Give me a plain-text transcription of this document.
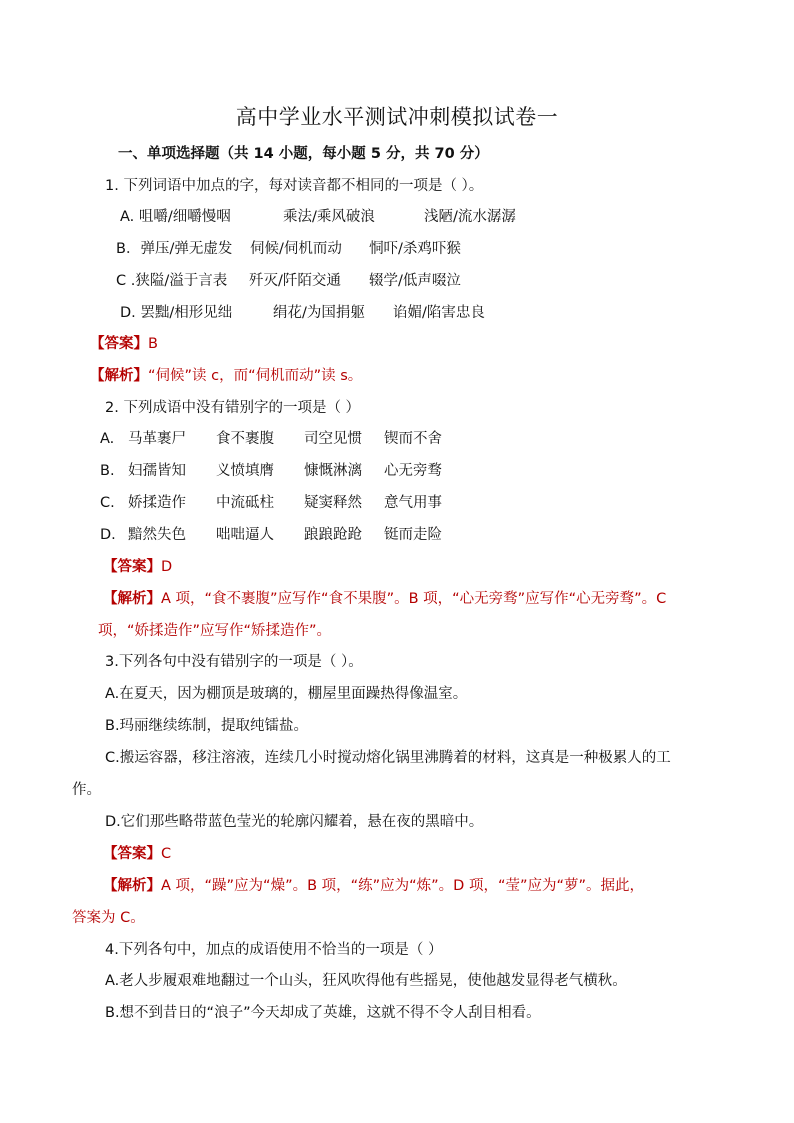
高中学业水平测试冲刺模拟试卷一
一、单项选择题（共 14 小题，每小题 5 分，共 70 分）
1. 下列词语中加点的字，每对读音都不相同的一项是（ ）。
A. 咀嚼/细嚼慢咽	乘法/乘风破浪	浅陋/流水潺潺
B．弹压/弹无虚发 伺候/伺机而动 恫吓/杀鸡吓猴
C .狭隘/溢于言表 歼灭/阡陌交通 辍学/低声啜泣
D. 罢黜/相形见绌	绢花/为国捐躯 谄媚/陷害忠良
【答案】B
【解析】“伺候”读 c，而“伺机而动”读 s。
2. 下列成语中没有错别字的一项是（ ）
A. 马革裹尸 食不裹腹 司空见惯 锲而不舍
B. 妇孺皆知 义愤填膺 慷慨淋漓 心无旁骛
C. 娇揉造作 中流砥柱 疑窦释然 意气用事
D. 黯然失色 咄咄逼人 踉踉跄跄 铤而走险
【答案】D
【解析】A 项，“食不裹腹”应写作“食不果腹”。B 项，“心无旁骛”应写作“心无旁骛”。C
项，“娇揉造作”应写作“矫揉造作”。
3.下列各句中没有错别字的一项是（ ）。
A.在夏天，因为棚顶是玻璃的，棚屋里面躁热得像温室。
B.玛丽继续练制，提取纯镭盐。
C.搬运容器，移注溶液，连续几小时搅动熔化锅里沸腾着的材料，这真是一种极累人的工
作。
D.它们那些略带蓝色莹光的轮廓闪耀着，悬在夜的黑暗中。
【答案】C
【解析】A 项，“躁”应为“燥”。B 项，“练”应为“炼”。D 项，“莹”应为“萝”。据此，
答案为 C。
4.下列各句中，加点的成语使用不恰当的一项是（ ）
A.老人步履艰难地翻过一个山头，狂风吹得他有些摇晃，使他越发显得老气横秋。
B.想不到昔日的“浪子”今天却成了英雄，这就不得不令人刮目相看。
